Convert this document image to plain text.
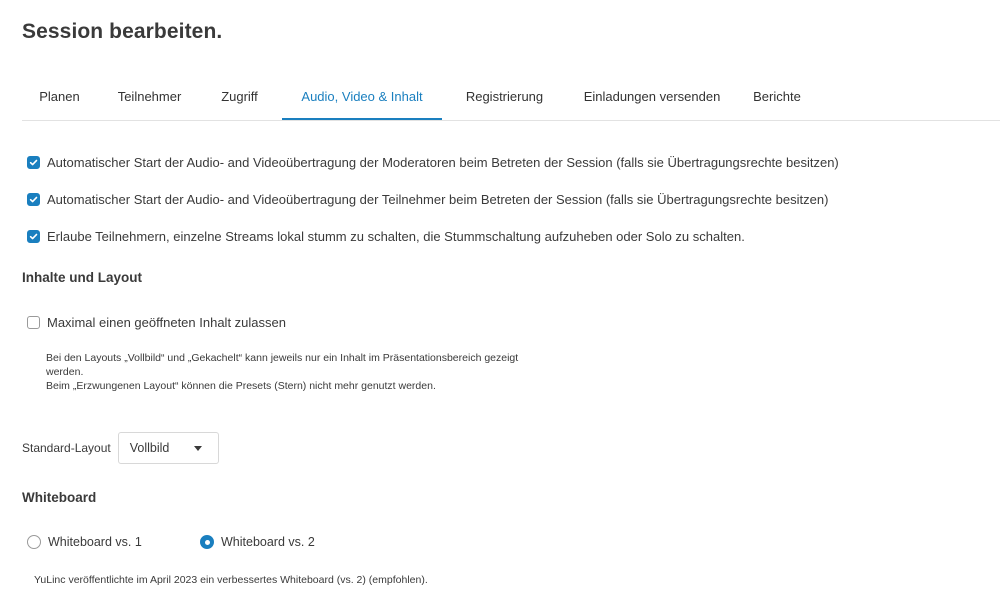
Session bearbeiten.
Planen	Teilnehmer	Zugriff	Audio, Video & Inhalt	Registrierung	Einladungen versenden	Berichte
Automatischer Start der Audio- and Videoübertragung der Moderatoren beim Betreten der Session (falls sie Übertragungsrechte besitzen)
Automatischer Start der Audio- and Videoübertragung der Teilnehmer beim Betreten der Session (falls sie Übertragungsrechte besitzen)
Erlaube Teilnehmern, einzelne Streams lokal stumm zu schalten, die Stummschaltung aufzuheben oder Solo zu schalten.
Inhalte und Layout
Maximal einen geöffneten Inhalt zulassen

Bei den Layouts „Vollbild“ und „Gekachelt“ kann jeweils nur ein Inhalt im Präsentationsbereich gezeigt

werden.

Beim „Erzwungenen Layout“ können die Presets (Stern) nicht mehr genutzt werden.

Standard-Layout Vollbild
Whiteboard
Whiteboard vs. 1	Whiteboard vs. 2
YuLinc veröffentlichte im April 2023 ein verbessertes Whiteboard (vs. 2) (empfohlen).
